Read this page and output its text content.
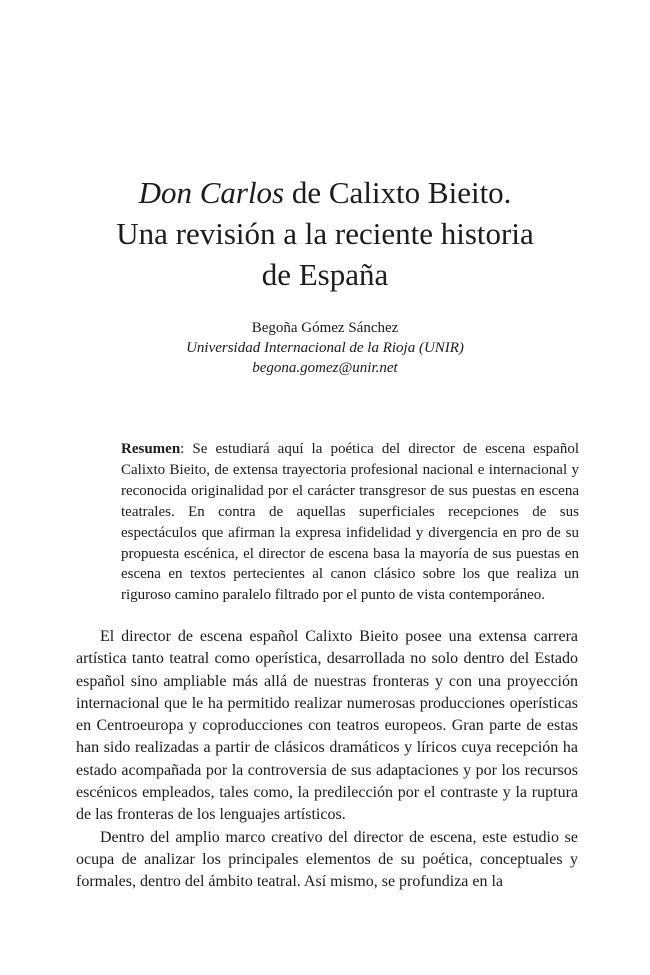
Don Carlos de Calixto Bieito.
Una revisión a la reciente historia
de España
Begoña Gómez Sánchez
Universidad Internacional de la Rioja (UNIR)
begona.gomez@unir.net

Resumen: Se estudiará aquí la poética del director de escena español Calixto Bieito, de extensa trayectoria profesional nacional e internacional y reconocida originalidad por el carácter transgresor de sus puestas en escena teatrales. En contra de aquellas superficiales recepciones de sus espectáculos que afirman la expresa infidelidad y divergencia en pro de su propuesta escénica, el director de escena basa la mayoría de sus puestas en escena en textos pertecientes al canon clásico sobre los que realiza un riguroso camino paralelo filtrado por el punto de vista contemporáneo.

El director de escena español Calixto Bieito posee una extensa carrera artística tanto teatral como operística, desarrollada no solo dentro del Estado español sino ampliable más allá de nuestras fronteras y con una proyección internacional que le ha permitido realizar numerosas producciones operísticas en Centroeuropa y coproducciones con teatros europeos. Gran parte de estas han sido realizadas a partir de clásicos dramáticos y líricos cuya recepción ha estado acompañada por la controversia de sus adaptaciones y por los recursos escénicos empleados, tales como, la predilección por el contraste y la ruptura de las fronteras de los lenguajes artísticos.

Dentro del amplio marco creativo del director de escena, este estudio se ocupa de analizar los principales elementos de su poética, conceptuales y formales, dentro del ámbito teatral. Así mismo, se profundiza en la
